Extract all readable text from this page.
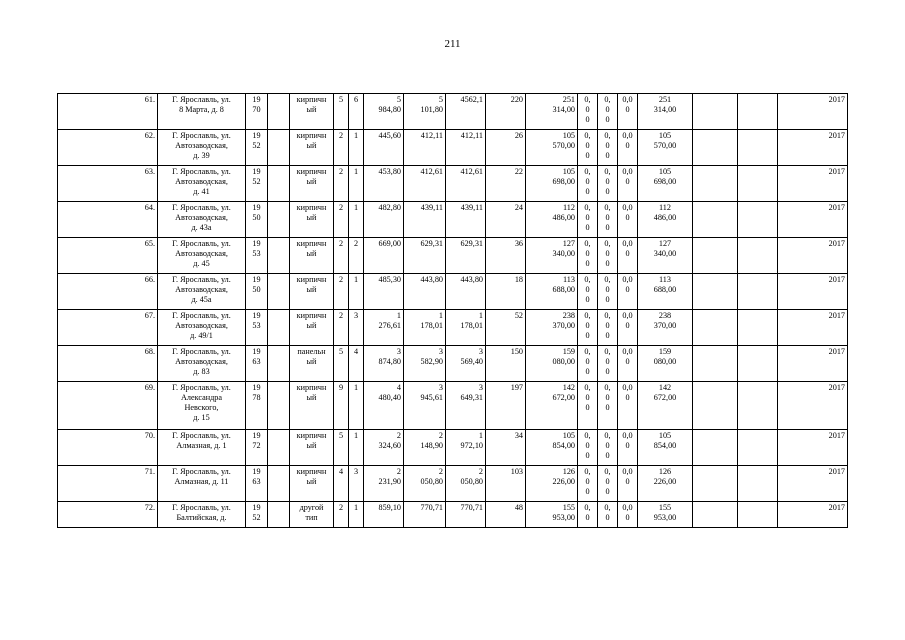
211
61.	Г. Ярославль, ул.
8 Марта, д. 8	19
70		кирпичн
ый	5	6	5
984,80	5
101,80	4562,1	220	251
314,00	0,
0
0	0,
0
0	0,0
0	251
314,00			2017
62.	Г. Ярославль, ул.
Автозаводская,
д. 39	19
52		кирпичн
ый	2	1	445,60	412,11	412,11	26	105
570,00	0,
0
0	0,
0
0	0,0
0	105
570,00			2017
63.	Г. Ярославль, ул.
Автозаводская,
д. 41	19
52		кирпичн
ый	2	1	453,80	412,61	412,61	22	105
698,00	0,
0
0	0,
0
0	0,0
0	105
698,00			2017
64.	Г. Ярославль, ул.
Автозаводская,
д. 43а	19
50		кирпичн
ый	2	1	482,80	439,11	439,11	24	112
486,00	0,
0
0	0,
0
0	0,0
0	112
486,00			2017
65.	Г. Ярославль, ул.
Автозаводская,
д. 45	19
53		кирпичн
ый	2	2	669,00	629,31	629,31	36	127
340,00	0,
0
0	0,
0
0	0,0
0	127
340,00			2017
66.	Г. Ярославль, ул.
Автозаводская,
д. 45а	19
50		кирпичн
ый	2	1	485,30	443,80	443,80	18	113
688,00	0,
0
0	0,
0
0	0,0
0	113
688,00			2017
67.	Г. Ярославль, ул.
Автозаводская,
д. 49/1	19
53		кирпичн
ый	2	3	1
276,61	1
178,01	1
178,01	52	238
370,00	0,
0
0	0,
0
0	0,0
0	238
370,00			2017
68.	Г. Ярославль, ул.
Автозаводская,
д. 83	19
63		панельн
ый	5	4	3
874,80	3
582,90	3
569,40	150	159
080,00	0,
0
0	0,
0
0	0,0
0	159
080,00			2017
69.	Г. Ярославль, ул.
Александра
Невского,
д. 15	19
78		кирпичн
ый	9	1	4
480,40	3
945,61	3
649,31	197	142
672,00	0,
0
0	0,
0
0	0,0
0	142
672,00			2017
70.	Г. Ярославль, ул.
Алмазная, д. 1	19
72		кирпичн
ый	5	1	2
324,60	2
148,90	1
972,10	34	105
854,00	0,
0
0	0,
0
0	0,0
0	105
854,00			2017
71.	Г. Ярославль, ул.
Алмазная, д. 11	19
63		кирпичн
ый	4	3	2
231,90	2
050,80	2
050,80	103	126
226,00	0,
0
0	0,
0
0	0,0
0	126
226,00			2017
72.	Г. Ярославль, ул.
Балтийская, д.	19
52		другой
тип	2	1	859,10	770,71	770,71	48	155
953,00	0,
0	0,
0	0,0
0	155
953,00			2017
